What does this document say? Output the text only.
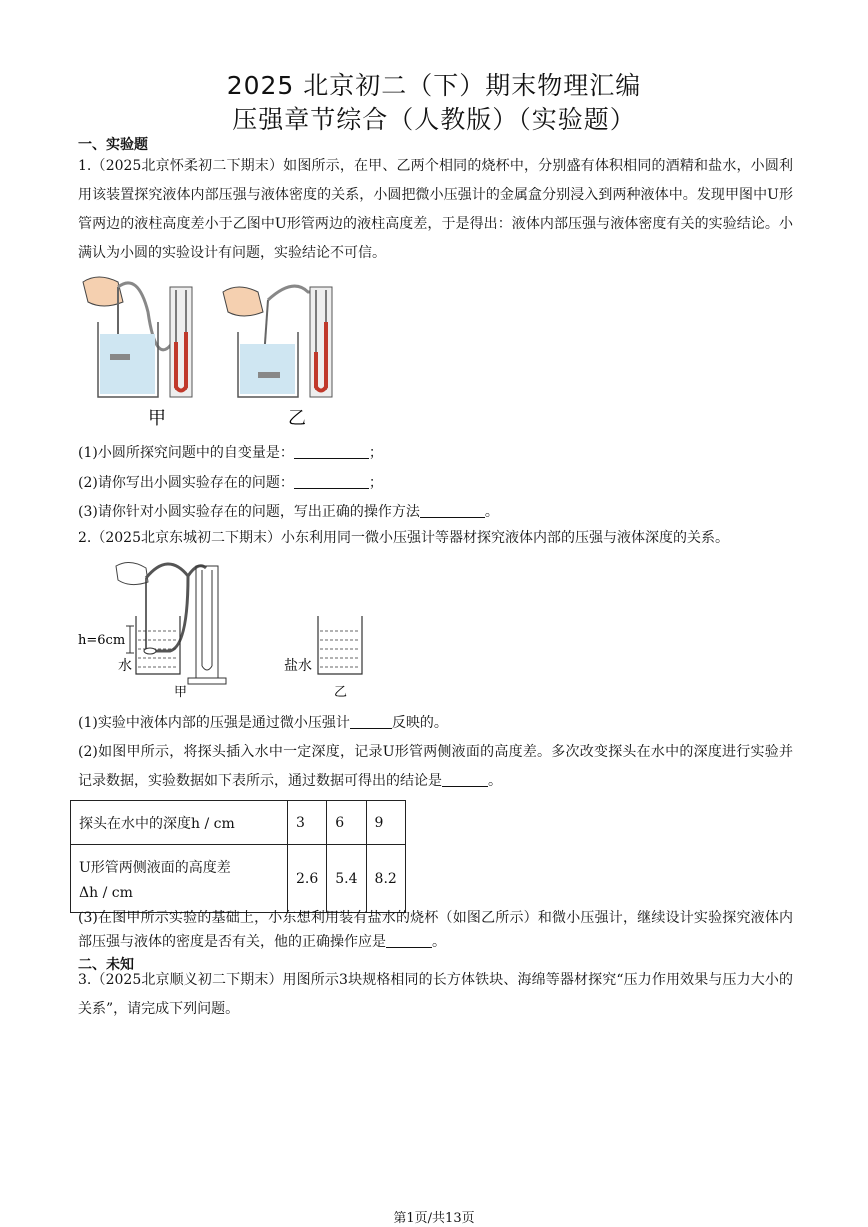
2025 北京初二（下）期末物理汇编
压强章节综合（人教版）（实验题）
一、实验题
1.（2025北京怀柔初二下期末）如图所示，在甲、乙两个相同的烧杯中，分别盛有体积相同的酒精和盐水，小圆利用该装置探究液体内部压强与液体密度的关系，小圆把微小压强计的金属盒分别浸入到两种液体中。发现甲图中U形管两边的液柱高度差小于乙图中U形管两边的液柱高度差，于是得出：液体内部压强与液体密度有关的实验结论。小满认为小圆的实验设计有问题，实验结论不可信。
甲	乙
(1)小圆所探究问题中的自变量是：	；
(2)请你写出小圆实验存在的问题：	；
(3)请你针对小圆实验存在的问题，写出正确的操作方法	。
2.（2025北京东城初二下期末）小东利用同一微小压强计等器材探究液体内部的压强与液体深度的关系。
h=6cm
水
甲
盐水
乙
(1)实验中液体内部的压强是通过微小压强计	反映的。
(2)如图甲所示，将探头插入水中一定深度，记录U形管两侧液面的高度差。多次改变探头在水中的深度进行实验并记录数据，实验数据如下表所示，通过数据可得出的结论是	。
探头在水中的深度h / cm	3	6	9

U形管两侧液面的高度差
Δh / cm	2.6	5.4	8.2
(3)在图甲所示实验的基础上，小东想利用装有盐水的烧杯（如图乙所示）和微小压强计，继续设计实验探究液体内部压强与液体的密度是否有关，他的正确操作应是	。
二、未知
3.（2025北京顺义初二下期末）用图所示3块规格相同的长方体铁块、海绵等器材探究“压力作用效果与压力大小的关系”，请完成下列问题。
第1页/共13页
